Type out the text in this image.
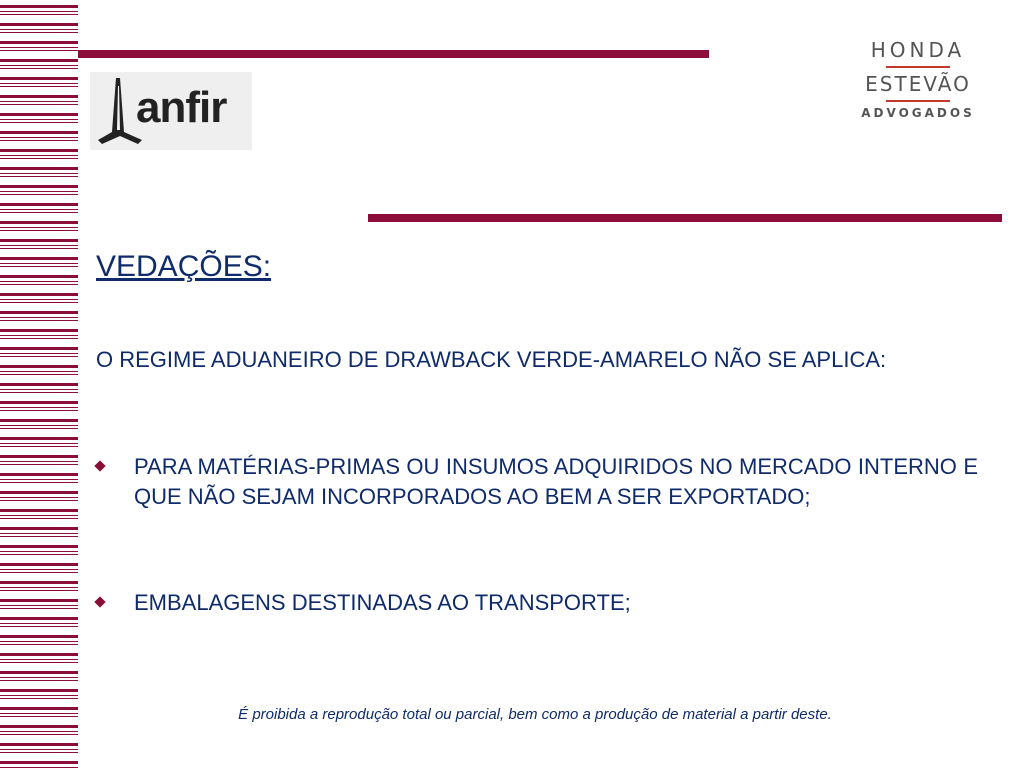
anfir
HONDA
ESTEVÃO
ADVOGADOS
VEDAÇÕES:
O REGIME ADUANEIRO DE DRAWBACK VERDE-AMARELO NÃO SE APLICA:
PARA MATÉRIAS-PRIMAS OU INSUMOS ADQUIRIDOS NO MERCADO INTERNO E QUE NÃO SEJAM INCORPORADOS AO BEM A SER EXPORTADO;
EMBALAGENS DESTINADAS AO TRANSPORTE;
É proibida a reprodução total ou parcial, bem como a produção de material a partir deste.
